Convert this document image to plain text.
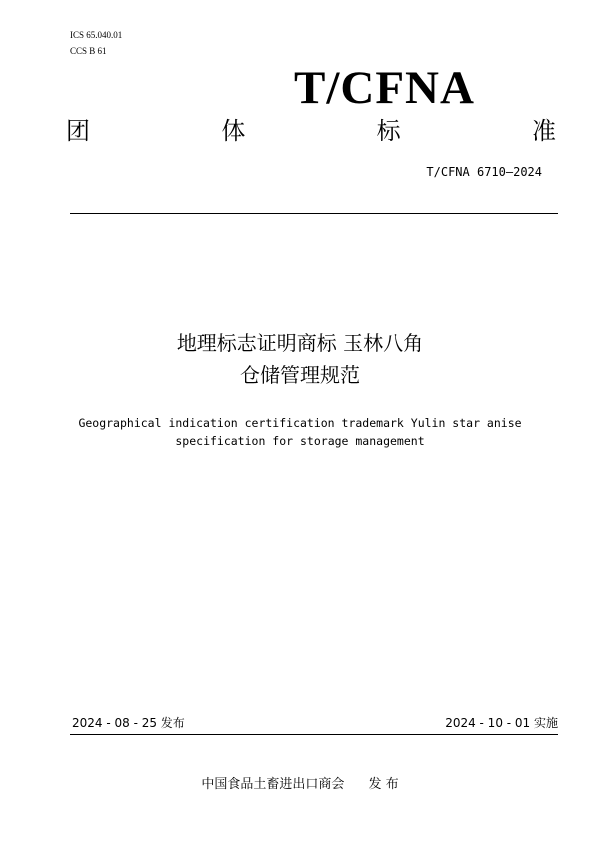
ICS 65.040.01
CCS B 61
T/CFNA
团	体	标	准
T/CFNA 6710—2024
地理标志证明商标 玉林八角
仓储管理规范
Geographical indication certification trademark Yulin star anise
specification for storage management
2024 - 08 - 25 发布	2024 - 10 - 01 实施
中国食品土畜进出口商会 发 布
